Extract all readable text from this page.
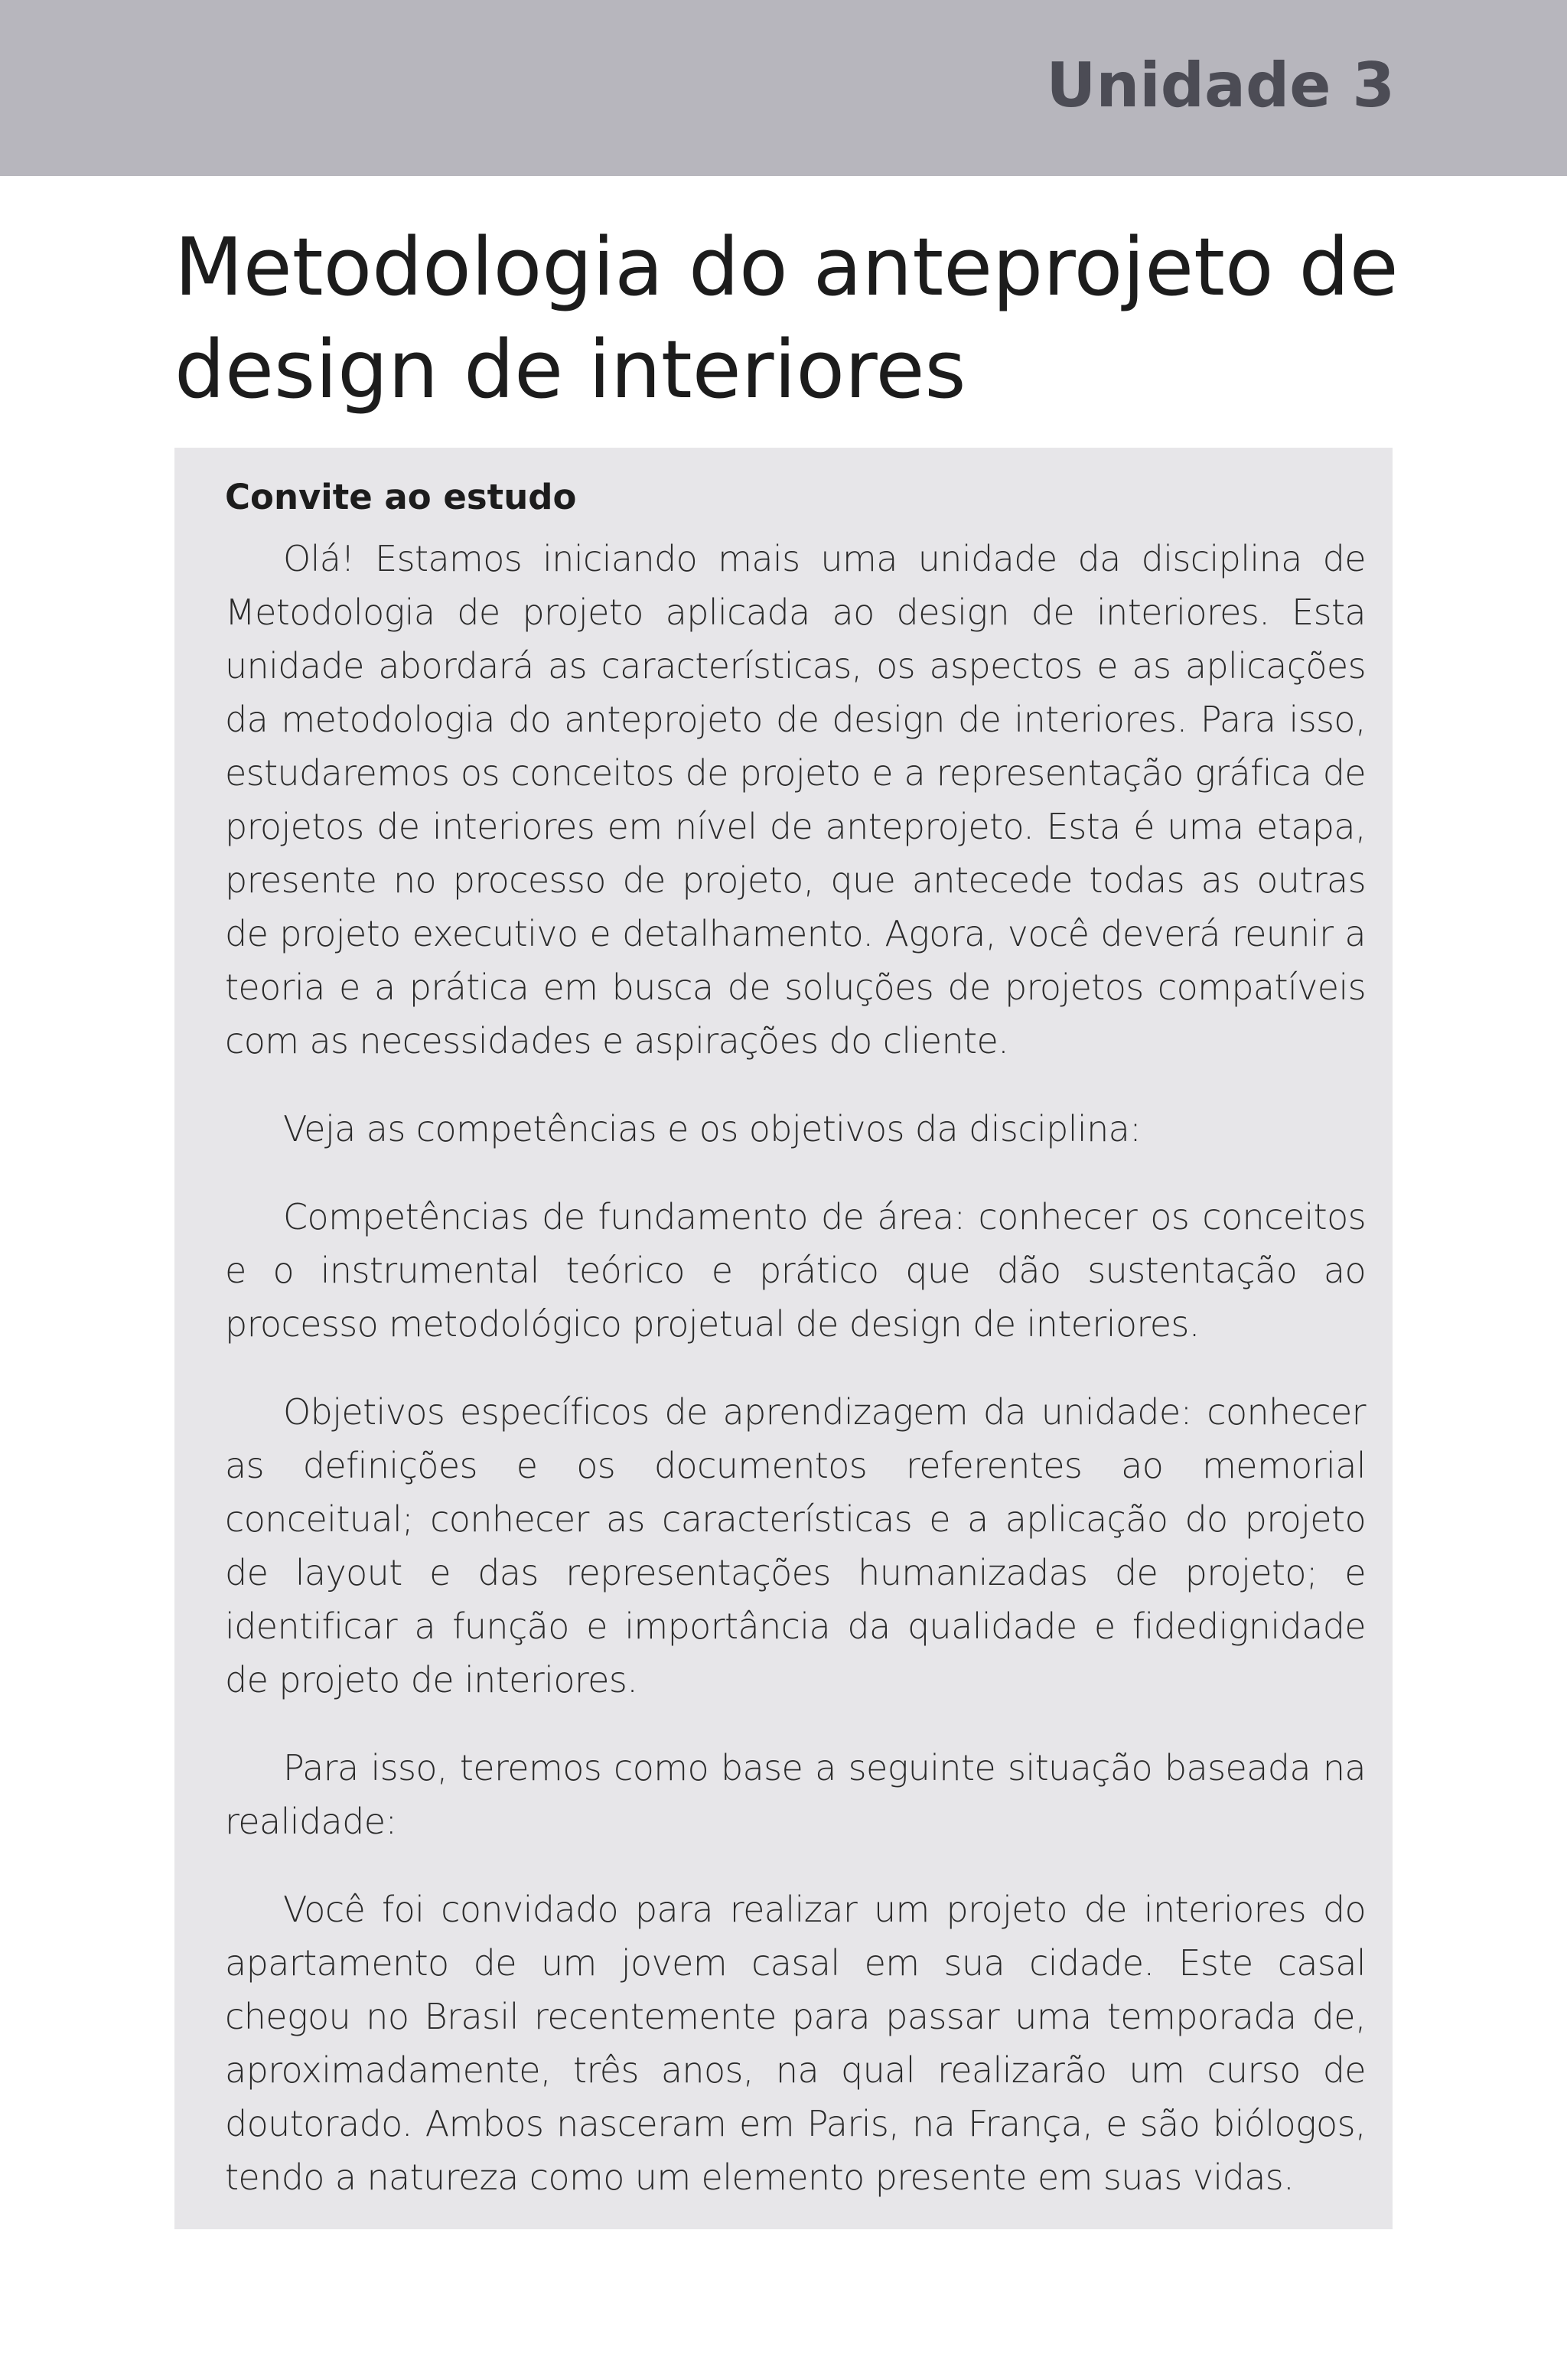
Unidade 3
Metodologia do anteprojeto de design de interiores
Convite ao estudo

Olá! Estamos iniciando mais uma unidade da disciplina de Metodologia de projeto aplicada ao design de interiores. Esta unidade abordará as características, os aspectos e as aplicações da metodologia do anteprojeto de design de interiores. Para isso, estudaremos os conceitos de projeto e a representação gráfica de projetos de interiores em nível de anteprojeto. Esta é uma etapa, presente no processo de projeto, que antecede todas as outras de projeto executivo e detalhamento. Agora, você deverá reunir a teoria e a prática em busca de soluções de projetos compatíveis com as necessidades e aspirações do cliente.

Veja as competências e os objetivos da disciplina:

Competências de fundamento de área: conhecer os conceitos e o instrumental teórico e prático que dão sustentação ao processo metodológico projetual de design de interiores.

Objetivos específicos de aprendizagem da unidade: conhecer as definições e os documentos referentes ao memorial conceitual; conhecer as características e a aplicação do projeto de layout e das representações humanizadas de projeto; e identificar a função e importância da qualidade e fidedignidade de projeto de interiores.

Para isso, teremos como base a seguinte situação baseada na realidade:

Você foi convidado para realizar um projeto de interiores do apartamento de um jovem casal em sua cidade. Este casal chegou no Brasil recentemente para passar uma temporada de, aproximadamente, três anos, na qual realizarão um curso de doutorado. Ambos nasceram em Paris, na França, e são biólogos, tendo a natureza como um elemento presente em suas vidas.
